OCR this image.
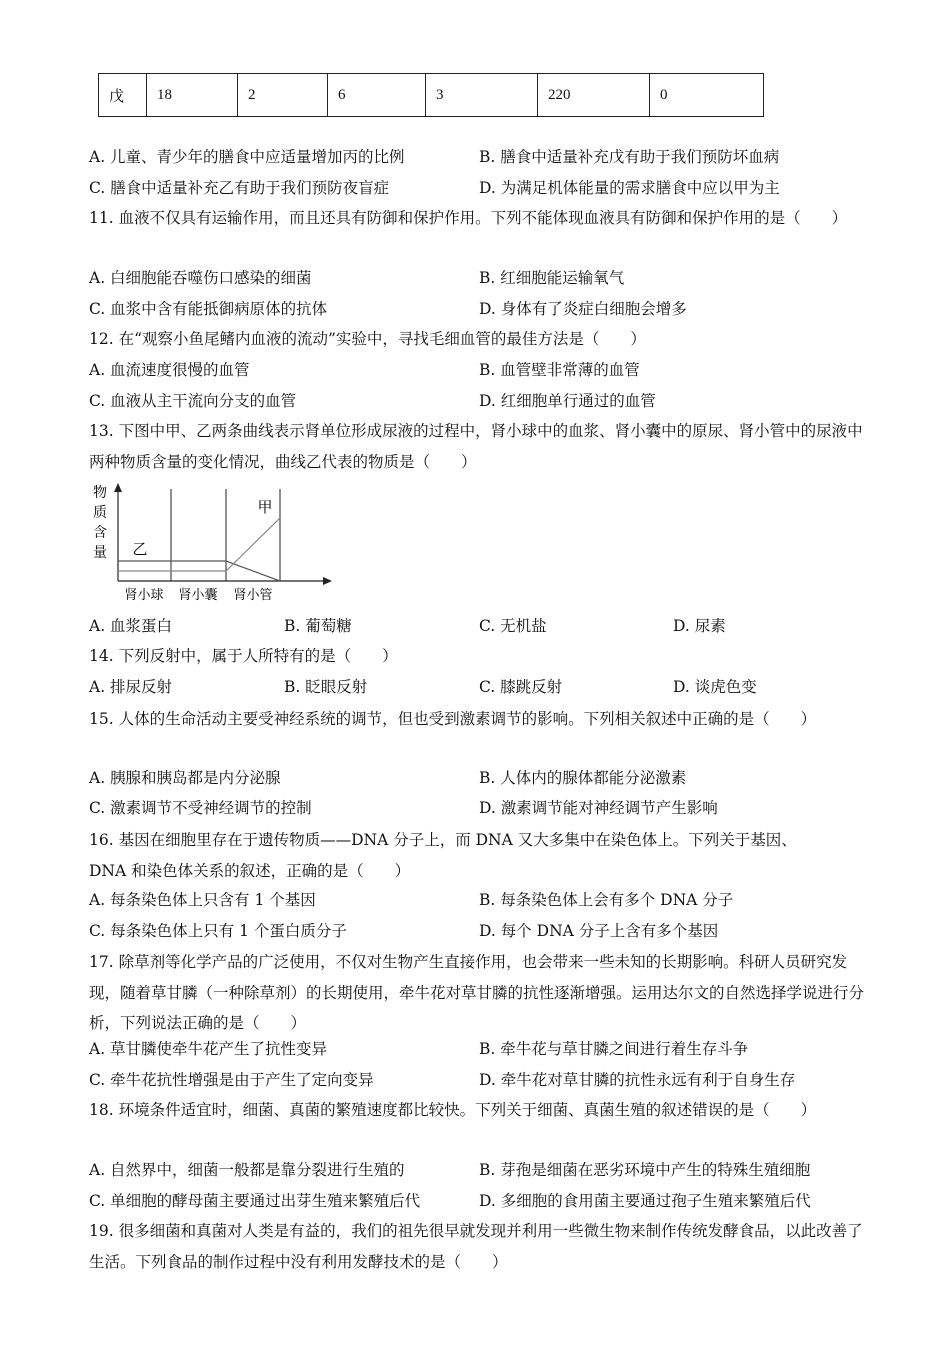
戊	18	2	6	3	220	0
A. 儿童、青少年的膳食中应适量增加丙的比例	B. 膳食中适量补充戊有助于我们预防坏血病
C. 膳食中适量补充乙有助于我们预防夜盲症	D. 为满足机体能量的需求膳食中应以甲为主
11. 血液不仅具有运输作用，而且还具有防御和保护作用。下列不能体现血液具有防御和保护作用的是（　　）
A. 白细胞能吞噬伤口感染的细菌	B. 红细胞能运输氧气
C. 血浆中含有能抵御病原体的抗体	D. 身体有了炎症白细胞会增多
12. 在“观察小鱼尾鳍内血液的流动”实验中，寻找毛细血管的最佳方法是（　　）
A. 血流速度很慢的血管	B. 血管壁非常薄的血管
C. 血液从主干流向分支的血管	D. 红细胞单行通过的血管
13. 下图中甲、乙两条曲线表示肾单位形成尿液的过程中，肾小球中的血浆、肾小囊中的原尿、肾小管中的尿液中两种物质含量的变化情况，曲线乙代表的物质是（　　）
物
质
含
量
甲
乙
肾小球 肾小囊 肾小管
A. 血浆蛋白	B. 葡萄糖	C. 无机盐	D. 尿素
14. 下列反射中，属于人所特有的是（　　）
A. 排尿反射	B. 眨眼反射	C. 膝跳反射	D. 谈虎色变
15. 人体的生命活动主要受神经系统的调节，但也受到激素调节的影响。下列相关叙述中正确的是（　　）
A. 胰腺和胰岛都是内分泌腺	B. 人体内的腺体都能分泌激素
C. 激素调节不受神经调节的控制	D. 激素调节能对神经调节产生影响
16. 基因在细胞里存在于遗传物质——DNA 分子上，而 DNA 又大多集中在染色体上。下列关于基因、DNA 和染色体关系的叙述，正确的是（　　）
A. 每条染色体上只含有 1 个基因	B. 每条染色体上会有多个 DNA 分子
C. 每条染色体上只有 1 个蛋白质分子	D. 每个 DNA 分子上含有多个基因
17. 除草剂等化学产品的广泛使用，不仅对生物产生直接作用，也会带来一些未知的长期影响。科研人员研究发现，随着草甘膦（一种除草剂）的长期使用，牵牛花对草甘膦的抗性逐渐增强。运用达尔文的自然选择学说进行分析，下列说法正确的是（　　）
A. 草甘膦使牵牛花产生了抗性变异	B. 牵牛花与草甘膦之间进行着生存斗争
C. 牵牛花抗性增强是由于产生了定向变异	D. 牵牛花对草甘膦的抗性永远有利于自身生存
18. 环境条件适宜时，细菌、真菌的繁殖速度都比较快。下列关于细菌、真菌生殖的叙述错误的是（　　）
A. 自然界中，细菌一般都是靠分裂进行生殖的	B. 芽孢是细菌在恶劣环境中产生的特殊生殖细胞
C. 单细胞的酵母菌主要通过出芽生殖来繁殖后代	D. 多细胞的食用菌主要通过孢子生殖来繁殖后代
19. 很多细菌和真菌对人类是有益的，我们的祖先很早就发现并利用一些微生物来制作传统发酵食品，以此改善了生活。下列食品的制作过程中没有利用发酵技术的是（　　）
